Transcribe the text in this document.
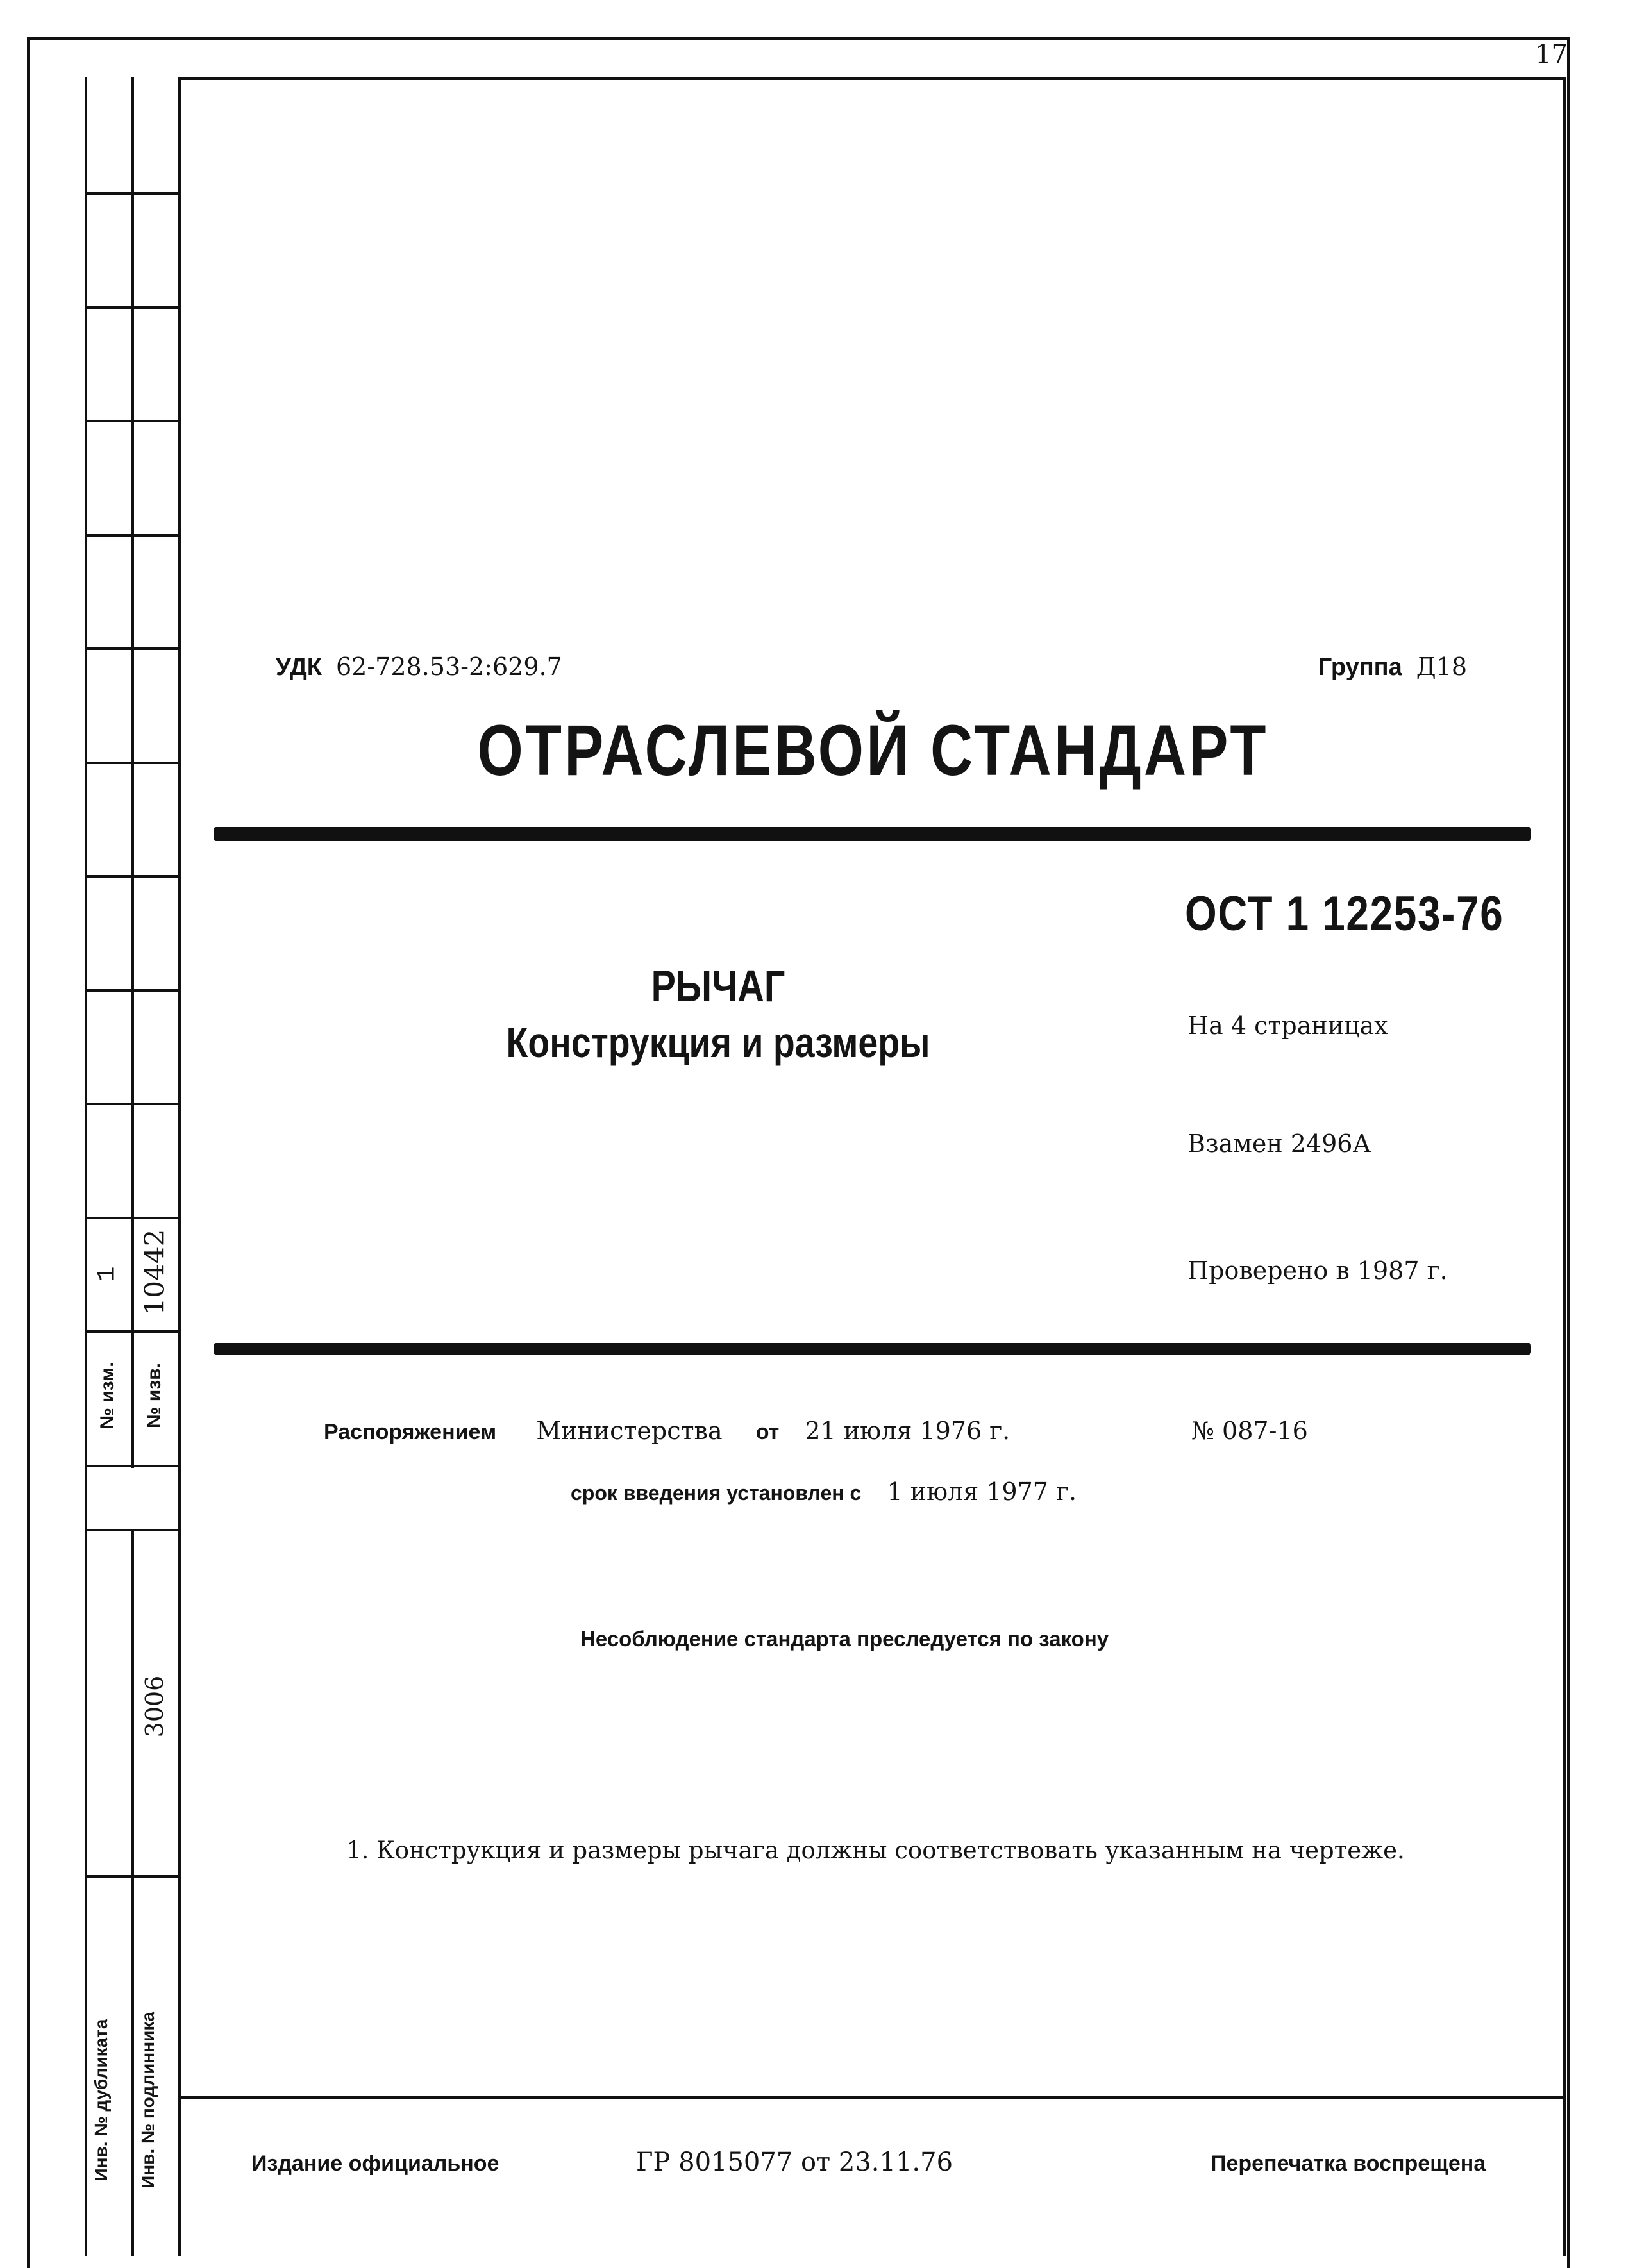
№ изм.
1
№ изв.
10442
3006
Инв. № дубликата Инв. № подлинника
17
УДК 62-728.53-2:629.7	Группа Д18
ОТРАСЛЕВОЙ СТАНДАРТ
ОСТ 1 12253-76
РЫЧАГ
Конструкция и размеры	На 4 страницах
Взамен 2496А
Проверено в 1987 г.
Распоряжением Министерства от 21 июля 1976 г.	№ 087-16
срок введения установлен с 1 июля 1977 г.
Несоблюдение стандарта преследуется по закону
1. Конструкция и размеры рычага должны соответствовать указанным на чертеже.
Издание официальное	ГР 8015077 от 23.11.76	Перепечатка воспрещена
